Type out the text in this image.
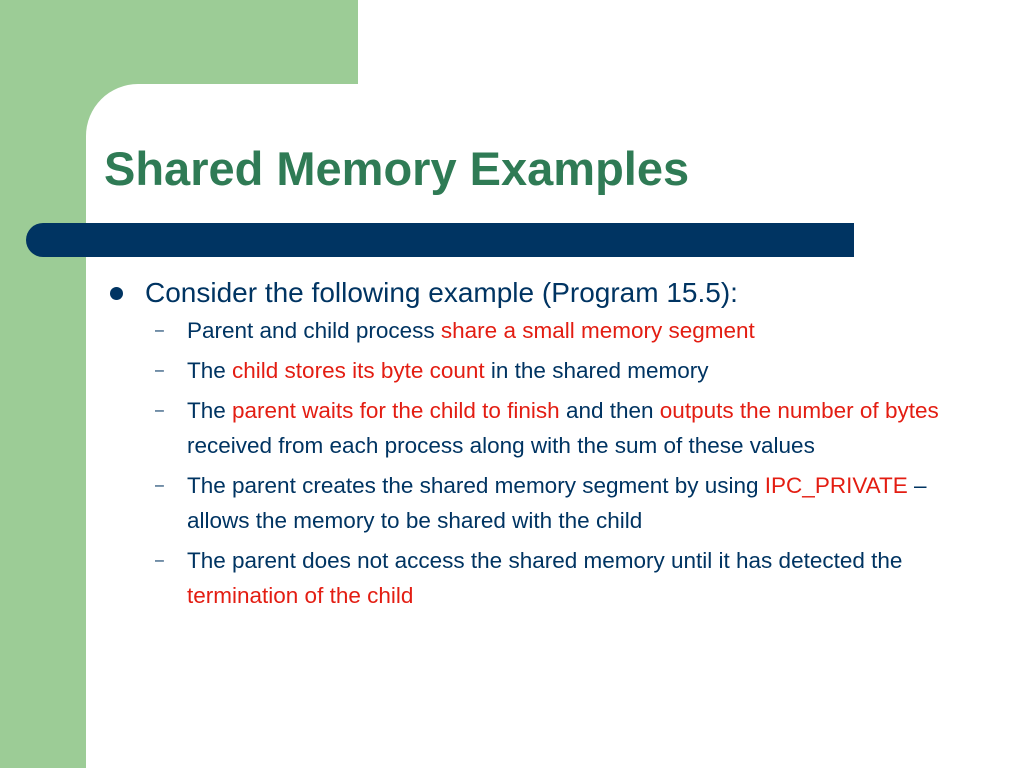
Shared Memory Examples
Consider the following example (Program 15.5):
– Parent and child process share a small memory segment
– The child stores its byte count in the shared memory
– The parent waits for the child to finish and then outputs the number of bytes received from each process along with the sum of these values
– The parent creates the shared memory segment by using IPC_PRIVATE – allows the memory to be shared with the child
– The parent does not access the shared memory until it has detected the termination of the child
